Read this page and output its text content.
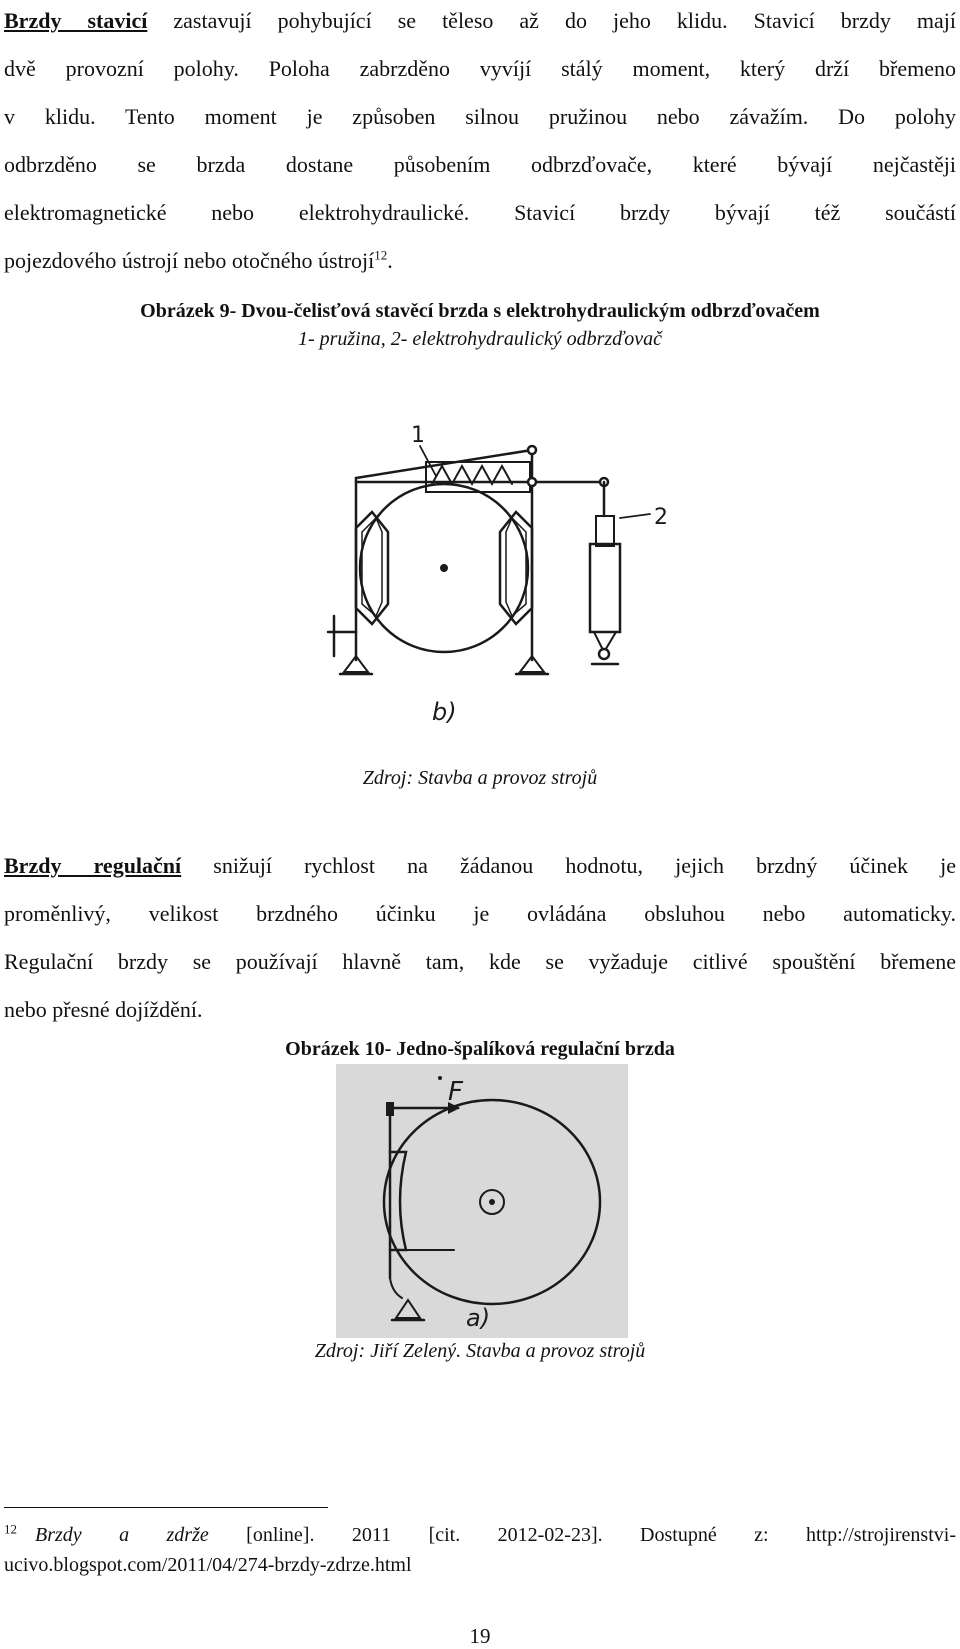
Brzdy stavicí zastavují pohybující se těleso až do jeho klidu. Stavicí brzdy mají
dvě provozní polohy. Poloha zabrzděno vyvíjí stálý moment, který drží břemeno
v klidu. Tento moment je způsoben silnou pružinou nebo závažím. Do polohy
odbrzděno se brzda dostane působením odbrzďovače, které bývají nejčastěji
elektromagnetické nebo elektrohydraulické. Stavicí brzdy bývají též součástí
pojezdového ústrojí nebo otočného ústrojí$^{12}$.
Obrázek 9- Dvou-čelisťová stavěcí brzda s elektrohydraulickým odbrzďovačem
1- pružina, 2- elektrohydraulický odbrzďovač
1
2
b)
Zdroj: Stavba a provoz strojů
Brzdy regulační snižují rychlost na žádanou hodnotu, jejich brzdný účinek je
proměnlivý, velikost brzdného účinku je ovládána obsluhou nebo automaticky.
Regulační brzdy se používají hlavně tam, kde se vyžaduje citlivé spouštění břemene
nebo přesné dojíždění.
Obrázek 10- Jedno-špalíková regulační brzda
F
a)
Zdroj: Jiří Zelený. Stavba a provoz strojů
$^{12}$ Brzdy a zdrže [online]. 2011 [cit. 2012-02-23]. Dostupné z: http://strojirenstvi-
ucivo.blogspot.com/2011/04/274-brzdy-zdrze.html
19
